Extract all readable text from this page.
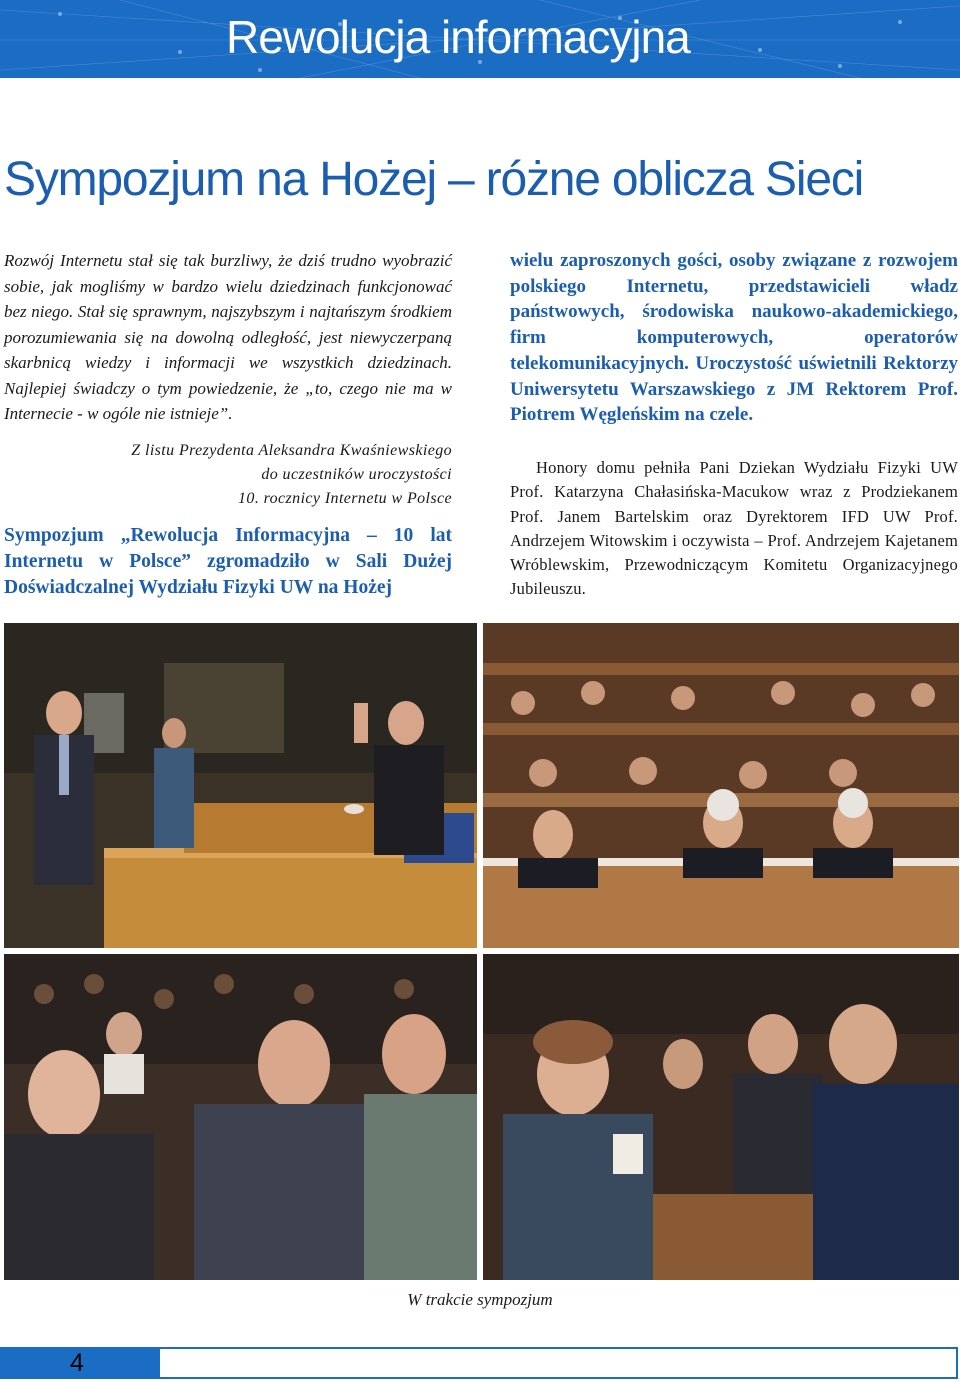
Rewolucja informacyjna
Sympozjum na Hożej – różne oblicza Sieci

Rozwój Internetu stał się tak burzliwy, że dziś trudno wyobrazić sobie, jak mogliśmy w bardzo wielu dziedzinach funkcjonować bez niego. Stał się sprawnym, najszybszym i najtańszym środkiem porozumiewania się na dowolną odległość, jest niewyczerpaną skarbnicą wiedzy i informacji we wszystkich dziedzinach. Najlepiej świadczy o tym powiedzenie, że „to, czego nie ma w Internecie - w ogóle nie istnieje”.

Z listu Prezydenta Aleksandra Kwaśniewskiego
do uczestników uroczystości
10. rocznicy Internetu w Polsce

Sympozjum „Rewolucja Informacyjna – 10 lat Internetu w Polsce” zgromadziło w Sali Dużej Doświadczalnej Wydziału Fizyki UW na Hożej

wielu zaproszonych gości, osoby związane z rozwojem polskiego Internetu, przedstawicieli władz państwowych, środowiska naukowo-akademickiego, firm komputerowych, operatorów telekomunikacyjnych. Uroczystość uświetnili Rektorzy Uniwersytetu Warszawskiego z JM Rektorem Prof. Piotrem Węgleńskim na czele.

Honory domu pełniła Pani Dziekan Wydziału Fizyki UW Prof. Katarzyna Chałasińska-Macukow wraz z Prodziekanem Prof. Janem Bartelskim oraz Dyrektorem IFD UW Prof. Andrzejem Witowskim i oczywista – Prof. Andrzejem Kajetanem Wróblewskim, Przewodniczącym Komitetu Organizacyjnego Jubileuszu.

W trakcie sympozjum
4
